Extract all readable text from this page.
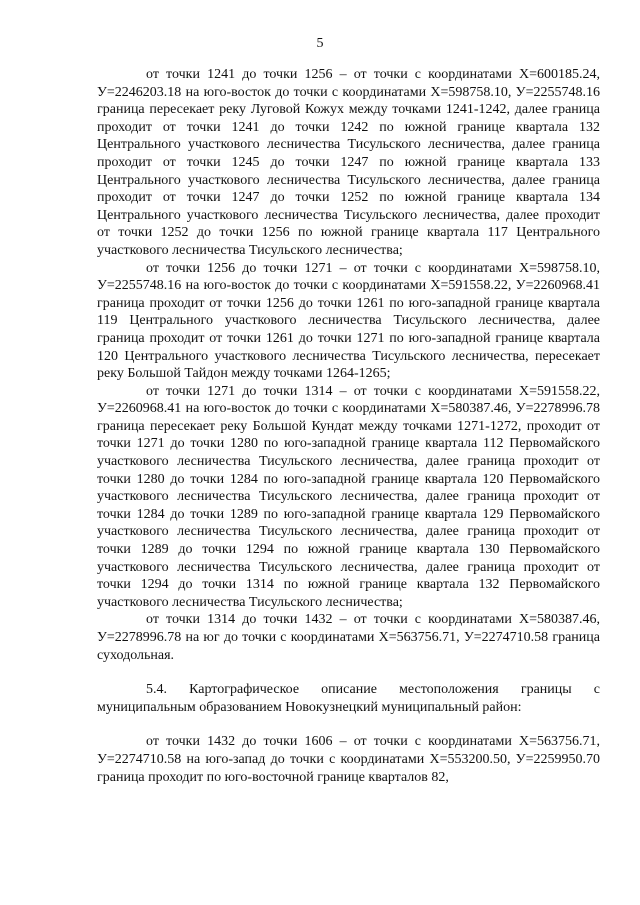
5

от точки 1241 до точки 1256 – от точки с координатами Х=600185.24, У=2246203.18 на юго-восток до точки с координатами Х=598758.10, У=2255748.16 граница пересекает реку Луговой Кожух между точками 1241-1242, далее граница проходит от точки 1241 до точки 1242 по южной границе квартала 132 Центрального участкового лесничества Тисульского лесничества, далее граница проходит от точки 1245 до точки 1247 по южной границе квартала 133 Центрального участкового лесничества Тисульского лесничества, далее граница проходит от точки 1247 до точки 1252 по южной границе квартала 134 Центрального участкового лесничества Тисульского лесничества, далее проходит от точки 1252 до точки 1256 по южной границе квартала 117 Центрального участкового лесничества Тисульского лесничества;

от точки 1256 до точки 1271 – от точки с координатами Х=598758.10, У=2255748.16 на юго-восток до точки с координатами Х=591558.22, У=2260968.41 граница проходит от точки 1256 до точки 1261 по юго-западной границе квартала 119 Центрального участкового лесничества Тисульского лесничества, далее граница проходит от точки 1261 до точки 1271 по юго-западной границе квартала 120 Центрального участкового лесничества Тисульского лесничества, пересекает реку Большой Тайдон между точками 1264-1265;

от точки 1271 до точки 1314 – от точки с координатами Х=591558.22, У=2260968.41 на юго-восток до точки с координатами Х=580387.46, У=2278996.78 граница пересекает реку Большой Кундат между точками 1271-1272, проходит от точки 1271 до точки 1280 по юго-западной границе квартала 112 Первомайского участкового лесничества Тисульского лесничества, далее граница проходит от точки 1280 до точки 1284 по юго-западной границе квартала 120 Первомайского участкового лесничества Тисульского лесничества, далее граница проходит от точки 1284 до точки 1289 по юго-западной границе квартала 129 Первомайского участкового лесничества Тисульского лесничества, далее граница проходит от точки 1289 до точки 1294 по южной границе квартала 130 Первомайского участкового лесничества Тисульского лесничества, далее граница проходит от точки 1294 до точки 1314 по южной границе квартала 132 Первомайского участкового лесничества Тисульского лесничества;

от точки 1314 до точки 1432 – от точки с координатами Х=580387.46, У=2278996.78 на юг до точки с координатами Х=563756.71, У=2274710.58 граница суходольная.

5.4. Картографическое описание местоположения границы с муниципальным образованием Новокузнецкий муниципальный район:

от точки 1432 до точки 1606 – от точки с координатами Х=563756.71, У=2274710.58 на юго-запад до точки с координатами Х=553200.50, У=2259950.70 граница проходит по юго-восточной границе кварталов 82,
